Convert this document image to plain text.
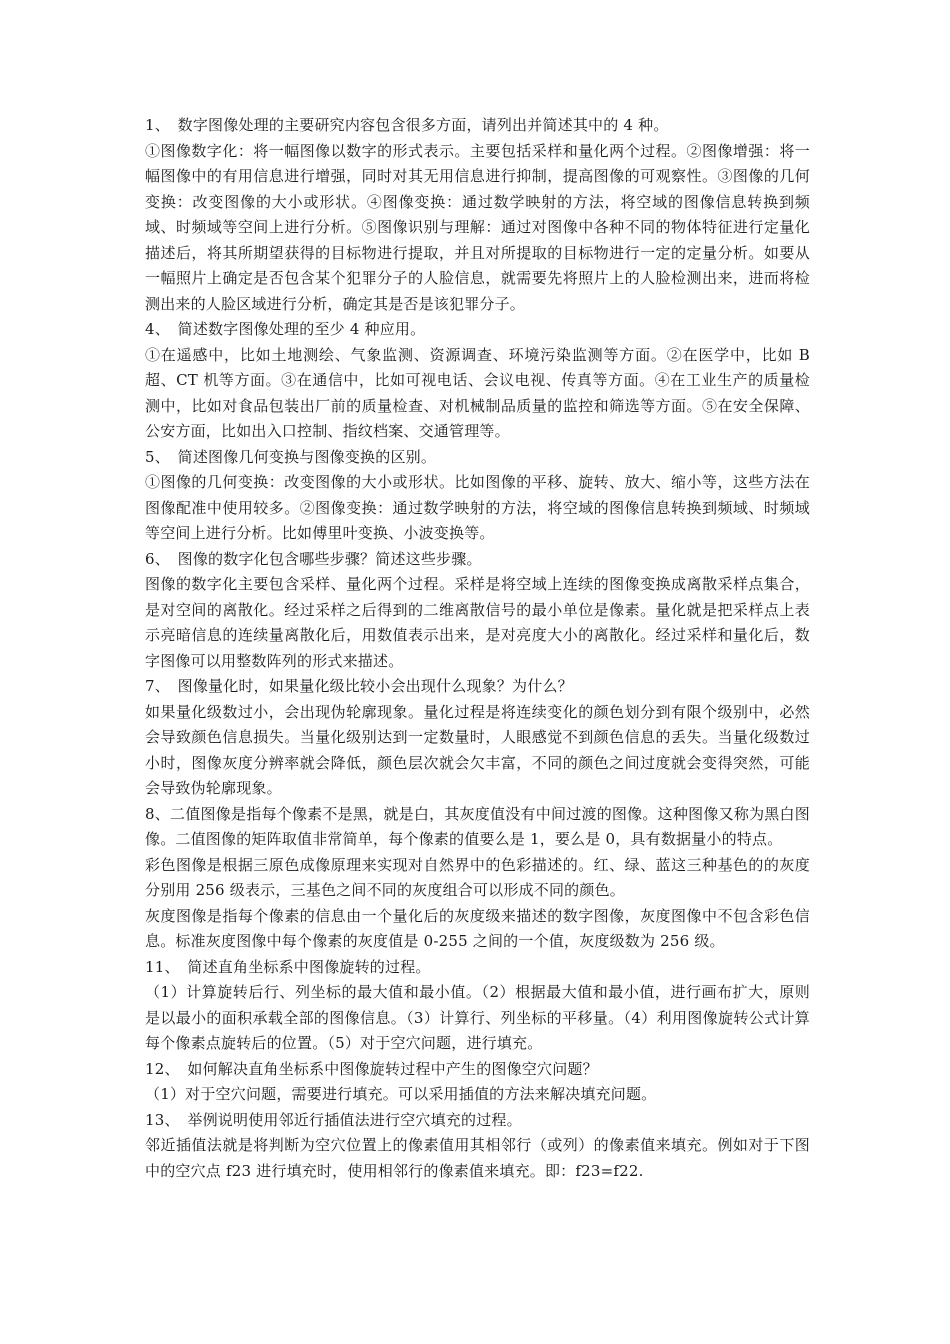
1、　数字图像处理的主要研究内容包含很多方面，请列出并简述其中的 4 种。

①图像数字化：将一幅图像以数字的形式表示。主要包括采样和量化两个过程。②图像增强：将一幅图像中的有用信息进行增强，同时对其无用信息进行抑制，提高图像的可观察性。③图像的几何变换：改变图像的大小或形状。④图像变换：通过数学映射的方法，将空域的图像信息转换到频域、时频域等空间上进行分析。⑤图像识别与理解：通过对图像中各种不同的物体特征进行定量化描述后，将其所期望获得的目标物进行提取，并且对所提取的目标物进行一定的定量分析。如要从一幅照片上确定是否包含某个犯罪分子的人脸信息，就需要先将照片上的人脸检测出来，进而将检测出来的人脸区域进行分析，确定其是否是该犯罪分子。

4、　简述数字图像处理的至少 4 种应用。

①在遥感中，比如土地测绘、气象监测、资源调查、环境污染监测等方面。②在医学中，比如 B 超、CT 机等方面。③在通信中，比如可视电话、会议电视、传真等方面。④在工业生产的质量检测中，比如对食品包装出厂前的质量检查、对机械制品质量的监控和筛选等方面。⑤在安全保障、公安方面，比如出入口控制、指纹档案、交通管理等。

5、　简述图像几何变换与图像变换的区别。

①图像的几何变换：改变图像的大小或形状。比如图像的平移、旋转、放大、缩小等，这些方法在图像配准中使用较多。②图像变换：通过数学映射的方法，将空域的图像信息转换到频域、时频域等空间上进行分析。比如傅里叶变换、小波变换等。

6、　图像的数字化包含哪些步骤？简述这些步骤。

图像的数字化主要包含采样、量化两个过程。采样是将空域上连续的图像变换成离散采样点集合，是对空间的离散化。经过采样之后得到的二维离散信号的最小单位是像素。量化就是把采样点上表示亮暗信息的连续量离散化后，用数值表示出来，是对亮度大小的离散化。经过采样和量化后，数字图像可以用整数阵列的形式来描述。

7、　图像量化时，如果量化级比较小会出现什么现象？为什么？

如果量化级数过小，会出现伪轮廓现象。量化过程是将连续变化的颜色划分到有限个级别中，必然会导致颜色信息损失。当量化级别达到一定数量时，人眼感觉不到颜色信息的丢失。当量化级数过小时，图像灰度分辨率就会降低，颜色层次就会欠丰富，不同的颜色之间过度就会变得突然，可能会导致伪轮廓现象。

8、二值图像是指每个像素不是黑，就是白，其灰度值没有中间过渡的图像。这种图像又称为黑白图像。二值图像的矩阵取值非常简单，每个像素的值要么是 1，要么是 0，具有数据量小的特点。

彩色图像是根据三原色成像原理来实现对自然界中的色彩描述的。红、绿、蓝这三种基色的的灰度分别用 256 级表示，三基色之间不同的灰度组合可以形成不同的颜色。

灰度图像是指每个像素的信息由一个量化后的灰度级来描述的数字图像，灰度图像中不包含彩色信息。标准灰度图像中每个像素的灰度值是 0-255 之间的一个值，灰度级数为 256 级。

11、　简述直角坐标系中图像旋转的过程。

（1）计算旋转后行、列坐标的最大值和最小值。（2）根据最大值和最小值，进行画布扩大，原则是以最小的面积承载全部的图像信息。（3）计算行、列坐标的平移量。（4）利用图像旋转公式计算每个像素点旋转后的位置。（5）对于空穴问题，进行填充。

12、　如何解决直角坐标系中图像旋转过程中产生的图像空穴问题？

（1）对于空穴问题，需要进行填充。可以采用插值的方法来解决填充问题。

13、　举例说明使用邻近行插值法进行空穴填充的过程。

邻近插值法就是将判断为空穴位置上的像素值用其相邻行（或列）的像素值来填充。例如对于下图中的空穴点 f23 进行填充时，使用相邻行的像素值来填充。即：f23=f22.
